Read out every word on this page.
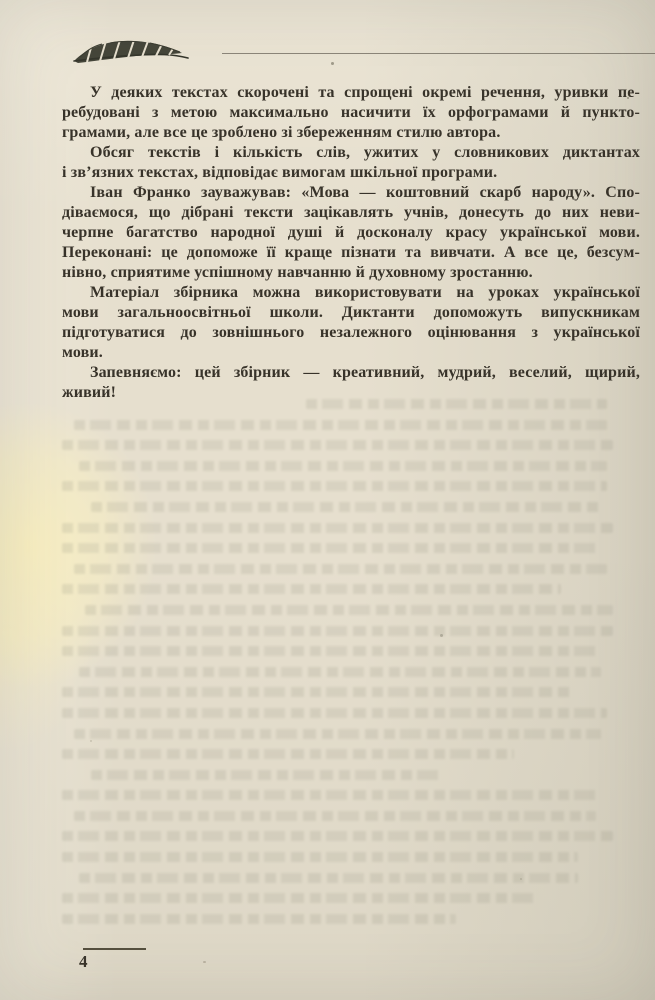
У деяких текстах скорочені та спрощені окремі речення, уривки пе-
ребудовані з метою максимально насичити їх орфограмами й пункто-
грамами, але все це зроблено зі збереженням стилю автора.
Обсяг текстів і кількість слів, ужитих у словникових диктантах
і зв’язних текстах, відповідає вимогам шкільної програми.
Іван Франко зауважував: «Мова — коштовний скарб народу». Спо-
діваємося, що дібрані тексти зацікавлять учнів, донесуть до них неви-
черпне багатство народної душі й досконалу красу української мови.
Переконані: це допоможе її краще пізнати та вивчати. А все це, безсум-
нівно, сприятиме успішному навчанню й духовному зростанню.
Матеріал збірника можна використовувати на уроках української
мови загальноосвітньої школи. Диктанти допоможуть випускникам
підготуватися до зовнішнього незалежного оцінювання з української
мови.
Запевняємо: цей збірник — креативний, мудрий, веселий, щирий,
живий!
4
